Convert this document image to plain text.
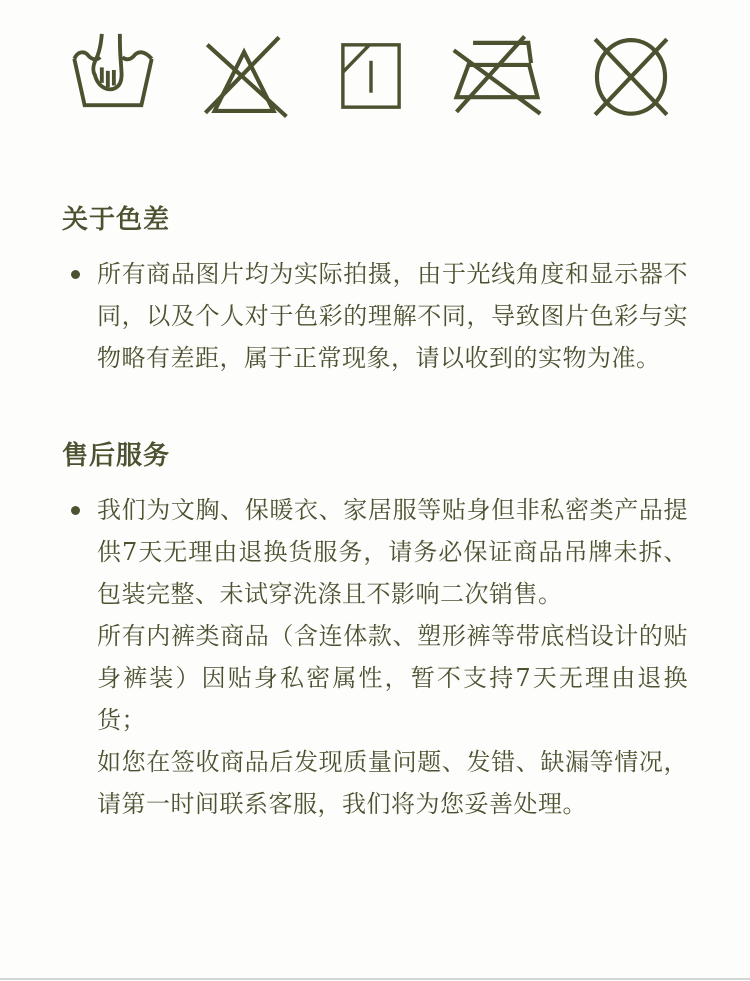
关于色差

所有商品图片均为实际拍摄，由于光线角度和显示器不同，以及个人对于色彩的理解不同，导致图片色彩与实物略有差距，属于正常现象，请以收到的实物为准。

售后服务

我们为文胸、保暖衣、家居服等贴身但非私密类产品提供7天无理由退换货服务，请务必保证商品吊牌未拆、包装完整、未试穿洗涤且不影响二次销售。

所有内裤类商品（含连体款、塑形裤等带底档设计的贴身裤装）因贴身私密属性，暂不支持7天无理由退换货；

如您在签收商品后发现质量问题、发错、缺漏等情况，请第一时间联系客服，我们将为您妥善处理。
